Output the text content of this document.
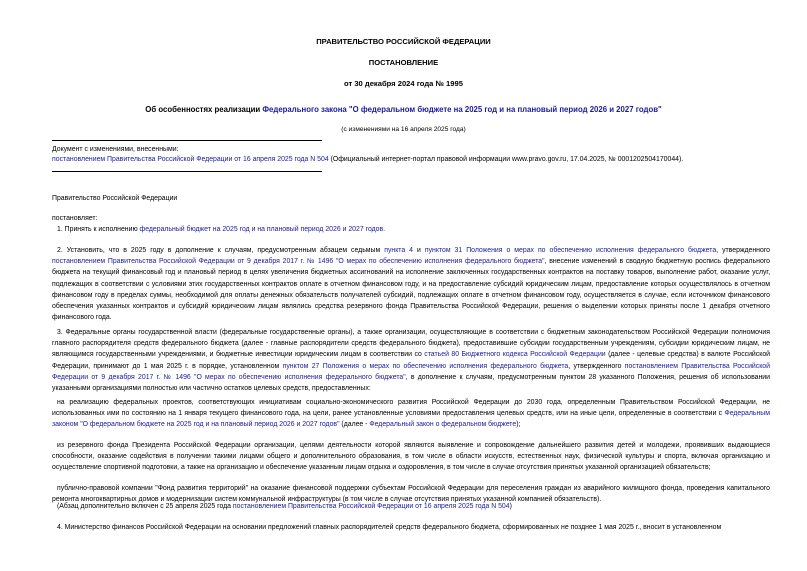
ПРАВИТЕЛЬСТВО РОССИЙСКОЙ ФЕДЕРАЦИИ
ПОСТАНОВЛЕНИЕ
от 30 декабря 2024 года № 1995
Об особенностях реализации Федерального закона "О федеральном бюджете на 2025 год и на плановый период 2026 и 2027 годов"
(с изменениями на 16 апреля 2025 года)
Документ с изменениями, внесенными:
постановлением Правительства Российской Федерации от 16 апреля 2025 года N 504 (Официальный интернет-портал правовой информации www.pravo.gov.ru, 17.04.2025, № 0001202504170044).
Правительство Российской Федерации
постановляет:
1. Принять к исполнению федеральный бюджет на 2025 год и на плановый период 2026 и 2027 годов.
2. Установить, что в 2025 году в дополнение к случаям, предусмотренным абзацем седьмым пункта 4 и пунктом 31 Положения о мерах по обеспечению исполнения федерального бюджета, утвержденного постановлением Правительства Российской Федерации от 9 декабря 2017 г. № 1496 "О мерах по обеспечению исполнения федерального бюджета", внесение изменений в сводную бюджетную роспись федерального бюджета на текущий финансовый год и плановый период в целях увеличения бюджетных ассигнований на исполнение заключенных государственных контрактов на поставку товаров, выполнение работ, оказание услуг, подлежащих в соответствии с условиями этих государственных контрактов оплате в отчетном финансовом году, и на предоставление субсидий юридическим лицам, предоставление которых осуществлялось в отчетном финансовом году в пределах суммы, необходимой для оплаты денежных обязательств получателей субсидий, подлежащих оплате в отчетном финансовом году, осуществляется в случае, если источником финансового обеспечения указанных контрактов и субсидий юридическим лицам являлись средства резервного фонда Правительства Российской Федерации, решения о выделении которых приняты после 1 декабря отчетного финансового года.
3. Федеральные органы государственной власти (федеральные государственные органы), а также организации, осуществляющие в соответствии с бюджетным законодательством Российской Федерации полномочия главного распорядителя средств федерального бюджета (далее - главные распорядители средств федерального бюджета), предоставившие субсидии государственным учреждениям, субсидии юридическим лицам, не являющимся государственными учреждениями, и бюджетные инвестиции юридическим лицам в соответствии со статьей 80 Бюджетного кодекса Российской Федерации (далее - целевые средства) в валюте Российской Федерации, принимают до 1 мая 2025 г. в порядке, установленном пунктом 27 Положения о мерах по обеспечению исполнения федерального бюджета, утвержденного постановлением Правительства Российской Федерации от 9 декабря 2017 г. № 1496 "О мерах по обеспечению исполнения федерального бюджета", в дополнение к случаям, предусмотренным пунктом 28 указанного Положения, решения об использовании указанными организациями полностью или частично остатков целевых средств, предоставленных:
на реализацию федеральных проектов, соответствующих инициативам социально-экономического развития Российской Федерации до 2030 года, определенным Правительством Российской Федерации, не использованных ими по состоянию на 1 января текущего финансового года, на цели, ранее установленные условиями предоставления целевых средств, или на иные цели, определенные в соответствии с Федеральным законом "О федеральном бюджете на 2025 год и на плановый период 2026 и 2027 годов" (далее - Федеральный закон о федеральном бюджете);
из резервного фонда Президента Российской Федерации организации, целями деятельности которой являются выявление и сопровождение дальнейшего развития детей и молодежи, проявивших выдающиеся способности, оказание содействия в получении такими лицами общего и дополнительного образования, в том числе в области искусств, естественных наук, физической культуры и спорта, включая организацию и осуществление спортивной подготовки, а также на организацию и обеспечение указанным лицам отдыха и оздоровления, в том числе в случае отсутствия принятых указанной организацией обязательств;
публично-правовой компании "Фонд развития территорий" на оказание финансовой поддержки субъектам Российской Федерации для переселения граждан из аварийного жилищного фонда, проведения капитального ремонта многоквартирных домов и модернизации систем коммунальной инфраструктуры (в том числе в случае отсутствия принятых указанной компанией обязательств).
(Абзац дополнительно включен с 25 апреля 2025 года постановлением Правительства Российской Федерации от 16 апреля 2025 года N 504)
4. Министерство финансов Российской Федерации на основании предложений главных распорядителей средств федерального бюджета, сформированных не позднее 1 мая 2025 г., вносит в установленном
